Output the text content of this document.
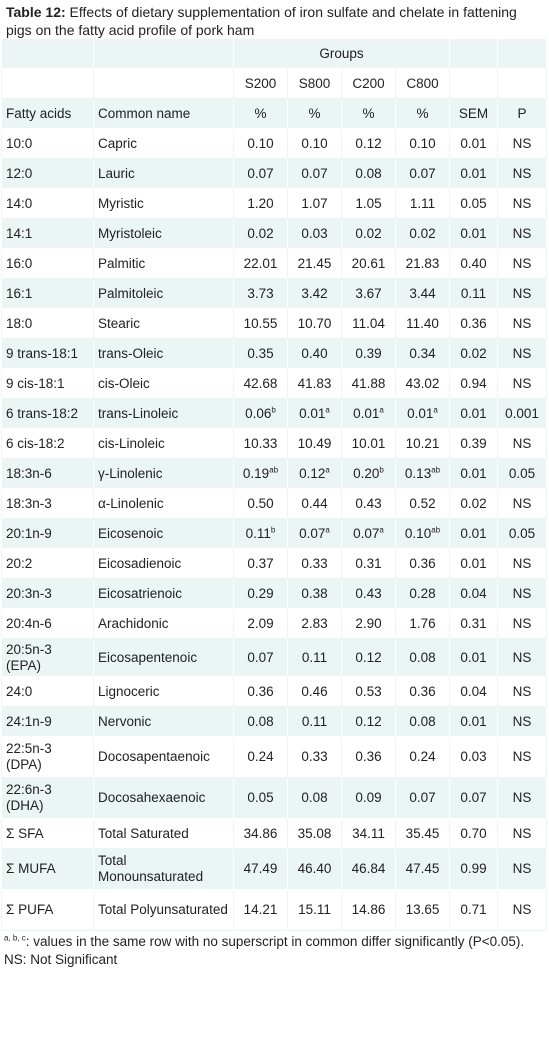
Table 12: Effects of dietary supplementation of iron sulfate and chelate in fattening pigs on the fatty acid profile of pork ham
		Groups					
		S200	S800	C200	C800		
Fatty acids	Common name	%	%	%	%	SEM	P
10:0	Capric	0.10	0.10	0.12	0.10	0.01	NS
12:0	Lauric	0.07	0.07	0.08	0.07	0.01	NS
14:0	Myristic	1.20	1.07	1.05	1.11	0.05	NS
14:1	Myristoleic	0.02	0.03	0.02	0.02	0.01	NS
16:0	Palmitic	22.01	21.45	20.61	21.83	0.40	NS
16:1	Palmitoleic	3.73	3.42	3.67	3.44	0.11	NS
18:0	Stearic	10.55	10.70	11.04	11.40	0.36	NS
9 trans-18:1	trans-Oleic	0.35	0.40	0.39	0.34	0.02	NS
9 cis-18:1	cis-Oleic	42.68	41.83	41.88	43.02	0.94	NS
6 trans-18:2	trans-Linoleic	0.06$^b$	0.01$^a$	0.01$^a$	0.01$^a$	0.01	0.001
6 cis-18:2	cis-Linoleic	10.33	10.49	10.01	10.21	0.39	NS
18:3n-6	γ-Linolenic	0.19$^{ab}$	0.12$^a$	0.20$^b$	0.13$^{ab}$	0.01	0.05
18:3n-3	α-Linolenic	0.50	0.44	0.43	0.52	0.02	NS
20:1n-9	Eicosenoic	0.11$^b$	0.07$^a$	0.07$^a$	0.10$^{ab}$	0.01	0.05
20:2	Eicosadienoic	0.37	0.33	0.31	0.36	0.01	NS
20:3n-3	Eicosatrienoic	0.29	0.38	0.43	0.28	0.04	NS
20:4n-6	Arachidonic	2.09	2.83	2.90	1.76	0.31	NS
20:5n-3 (EPA)	Eicosapentenoic	0.07	0.11	0.12	0.08	0.01	NS
24:0	Lignoceric	0.36	0.46	0.53	0.36	0.04	NS
24:1n-9	Nervonic	0.08	0.11	0.12	0.08	0.01	NS
22:5n-3 (DPA)	Docosapentaenoic	0.24	0.33	0.36	0.24	0.03	NS
22:6n-3 (DHA)	Docosahexaenoic	0.05	0.08	0.09	0.07	0.07	NS
Σ SFA	Total Saturated	34.86	35.08	34.11	35.45	0.70	NS
Σ MUFA	Total Monounsaturated	47.49	46.40	46.84	47.45	0.99	NS
Σ PUFA	Total Polyunsaturated	14.21	15.11	14.86	13.65	0.71	NS
$^{a, b, c}$: values in the same row with no superscript in common differ significantly (P<0.05).
NS: Not Significant
